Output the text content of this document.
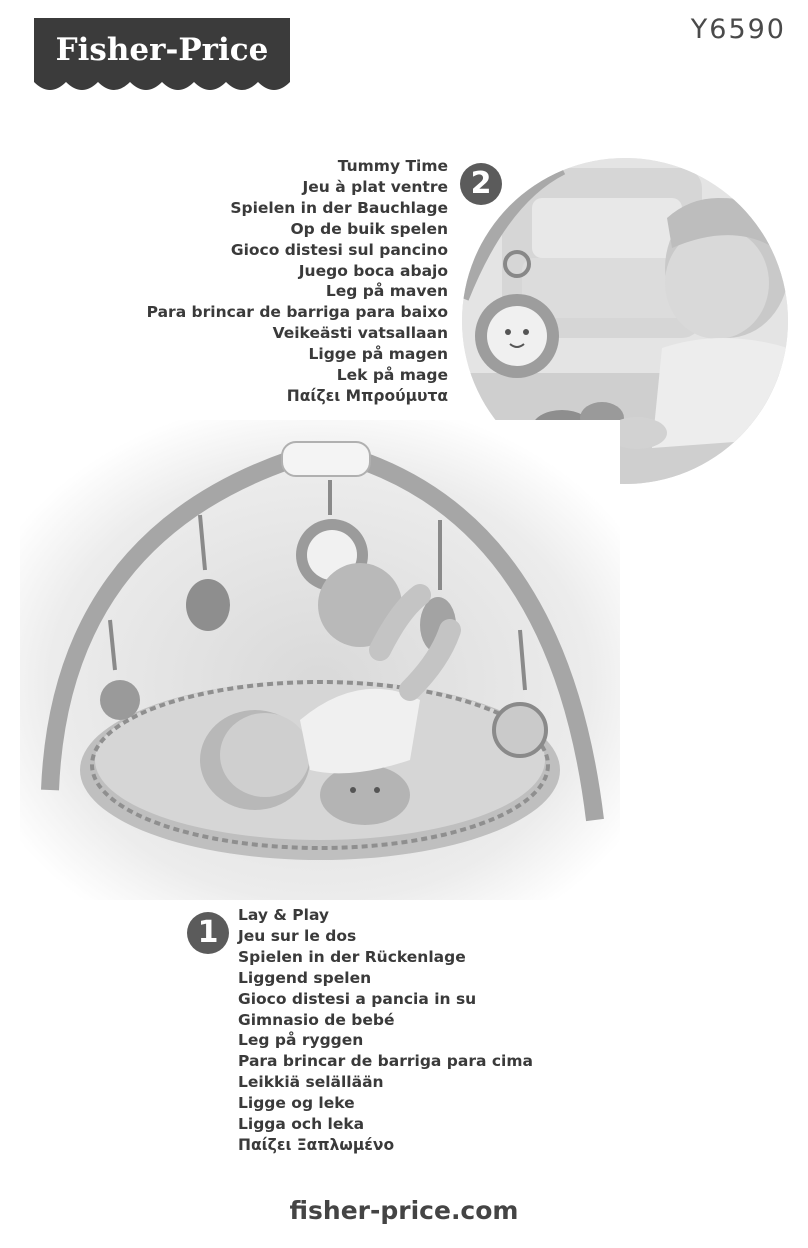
Fisher-Price
Y6590
Tummy Time
Jeu à plat ventre
Spielen in der Bauchlage
Op de buik spelen
Gioco distesi sul pancino
Juego boca abajo
Leg på maven
Para brincar de barriga para baixo
Veikeästi vatsallaan
Ligge på magen
Lek på mage
Παίζει Μπρούμυτα
2
1	Lay & Play
Jeu sur le dos
Spielen in der Rückenlage
Liggend spelen
Gioco distesi a pancia in su
Gimnasio de bebé
Leg på ryggen
Para brincar de barriga para cima
Leikkiä selällään
Ligge og leke
Ligga och leka
Παίζει Ξαπλωμένο
fisher-price.com
